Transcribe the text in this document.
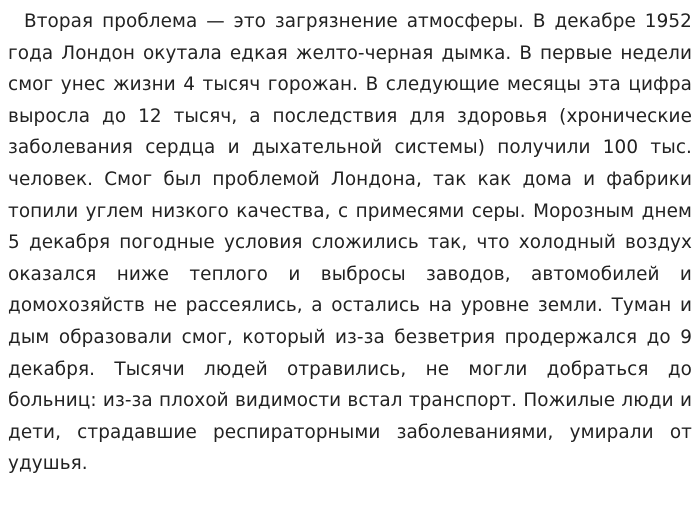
Вторая проблема — это загрязнение атмосферы. В декабре 1952 года Лондон окутала едкая желто-черная дымка. В первые недели смог унес жизни 4 тысяч горожан. В следующие месяцы эта цифра выросла до 12 тысяч, а последствия для здоровья (хронические заболевания сердца и дыхательной системы) получили 100 тыс. человек. Смог был проблемой Лондона, так как дома и фабрики топили углем низкого качества, с примесями серы. Морозным днем 5 декабря погодные условия сложились так, что холодный воздух оказался ниже теплого и выбросы заводов, автомобилей и домохозяйств не рассеялись, а остались на уровне земли. Туман и дым образовали смог, который из-за безветрия продержался до 9 декабря. Тысячи людей отравились, не могли добраться до больниц: из-за плохой видимости встал транспорт. Пожилые люди и дети, страдавшие респираторными заболеваниями, умирали от удушья.
